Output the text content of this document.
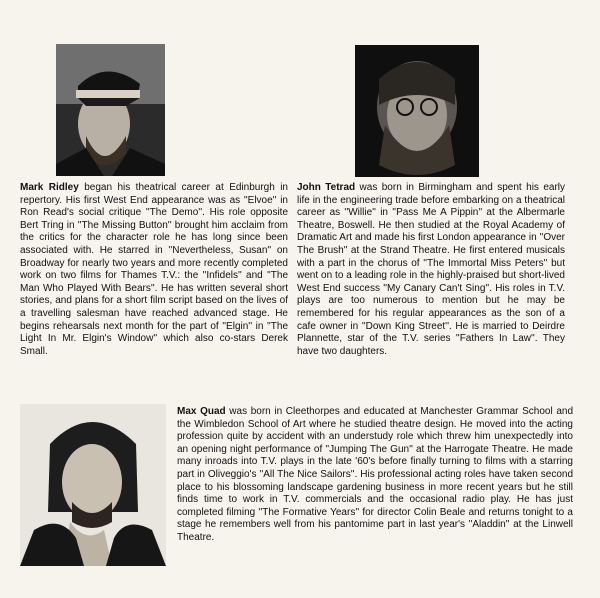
Mark Ridley began his theatrical career at Edinburgh in repertory. His first West End appearance was as ''Elvoe'' in Ron Read's social critique ''The Demo''. His role opposite Bert Tring in ''The Missing Button'' brought him acclaim from the critics for the character role he has long since been associated with. He starred in ''Nevertheless, Susan'' on Broadway for nearly two years and more recently completed work on two films for Thames T.V.: the ''Infidels'' and ''The Man Who Played With Bears''. He has written several short stories, and plans for a short film script based on the lives of a travelling salesman have reached advanced stage. He begins rehearsals next month for the part of ''Elgin'' in ''The Light In Mr. Elgin's Window'' which also co-stars Derek Small.
John Tetrad was born in Birmingham and spent his early life in the engineering trade before embarking on a theatrical career as ''Willie'' in ''Pass Me A Pippin'' at the Albermarle Theatre, Boswell. He then studied at the Royal Academy of Dramatic Art and made his first London appearance in ''Over The Brush'' at the Strand Theatre. He first entered musicals with a part in the chorus of ''The Immortal Miss Peters'' but went on to a leading role in the highly-praised but short-lived West End success ''My Canary Can't Sing''. His roles in T.V. plays are too numerous to mention but he may be remembered for his regular appearances as the son of a cafe owner in ''Down King Street''. He is married to Deirdre Plannette, star of the T.V. series ''Fathers In Law''. They have two daughters.
Max Quad was born in Cleethorpes and educated at Manchester Grammar School and the Wimbledon School of Art where he studied theatre design. He moved into the acting profession quite by accident with an understudy role which threw him unexpectedly into an opening night performance of ''Jumping The Gun'' at the Harrogate Theatre. He made many inroads into T.V. plays in the late '60's before finally turning to films with a starring part in Oliveggio's ''All The Nice Sailors''. His professional acting roles have taken second place to his blossoming landscape gardening business in more recent years but he still finds time to work in T.V. commercials and the occasional radio play. He has just completed filming ''The Formative Years'' for director Colin Beale and returns tonight to a stage he remembers well from his pantomime part in last year's ''Aladdin'' at the Linwell Theatre.
